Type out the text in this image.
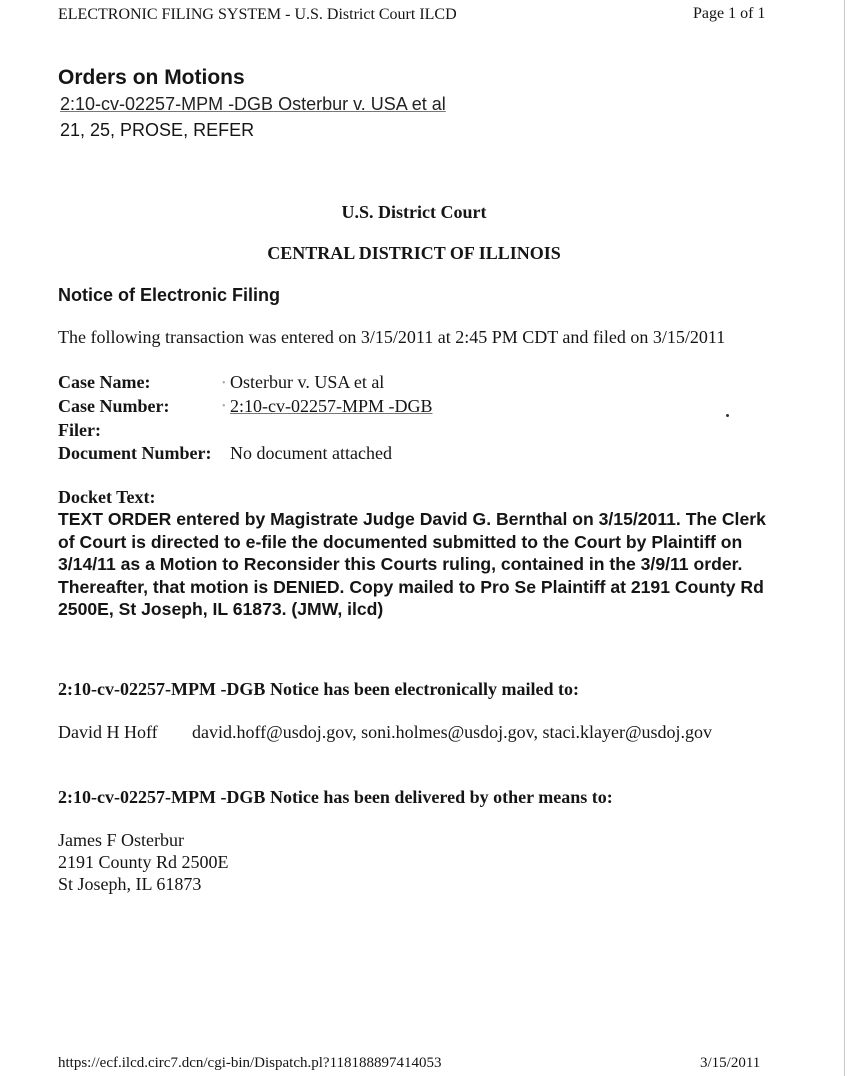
ELECTRONIC FILING SYSTEM - U.S. District Court ILCD	Page 1 of 1
Orders on Motions
2:10-cv-02257-MPM -DGB Osterbur v. USA et al
21, 25, PROSE, REFER
U.S. District Court
CENTRAL DISTRICT OF ILLINOIS
Notice of Electronic Filing
The following transaction was entered on 3/15/2011 at 2:45 PM CDT and filed on 3/15/2011
Case Name:	• Osterbur v. USA et al
Case Number:	• 2:10-cv-02257-MPM -DGB
Filer:
Document Number: No document attached
Docket Text:
TEXT ORDER entered by Magistrate Judge David G. Bernthal on 3/15/2011. The Clerk of Court is directed to e-file the documented submitted to the Court by Plaintiff on 3/14/11 as a Motion to Reconsider this Courts ruling, contained in the 3/9/11 order. Thereafter, that motion is DENIED. Copy mailed to Pro Se Plaintiff at 2191 County Rd 2500E, St Joseph, IL 61873. (JMW, ilcd)
2:10-cv-02257-MPM -DGB Notice has been electronically mailed to:
David H Hoff david.hoff@usdoj.gov, soni.holmes@usdoj.gov, staci.klayer@usdoj.gov
2:10-cv-02257-MPM -DGB Notice has been delivered by other means to:
James F Osterbur
2191 County Rd 2500E
St Joseph, IL 61873
https://ecf.ilcd.circ7.dcn/cgi-bin/Dispatch.pl?118188897414053	3/15/2011
